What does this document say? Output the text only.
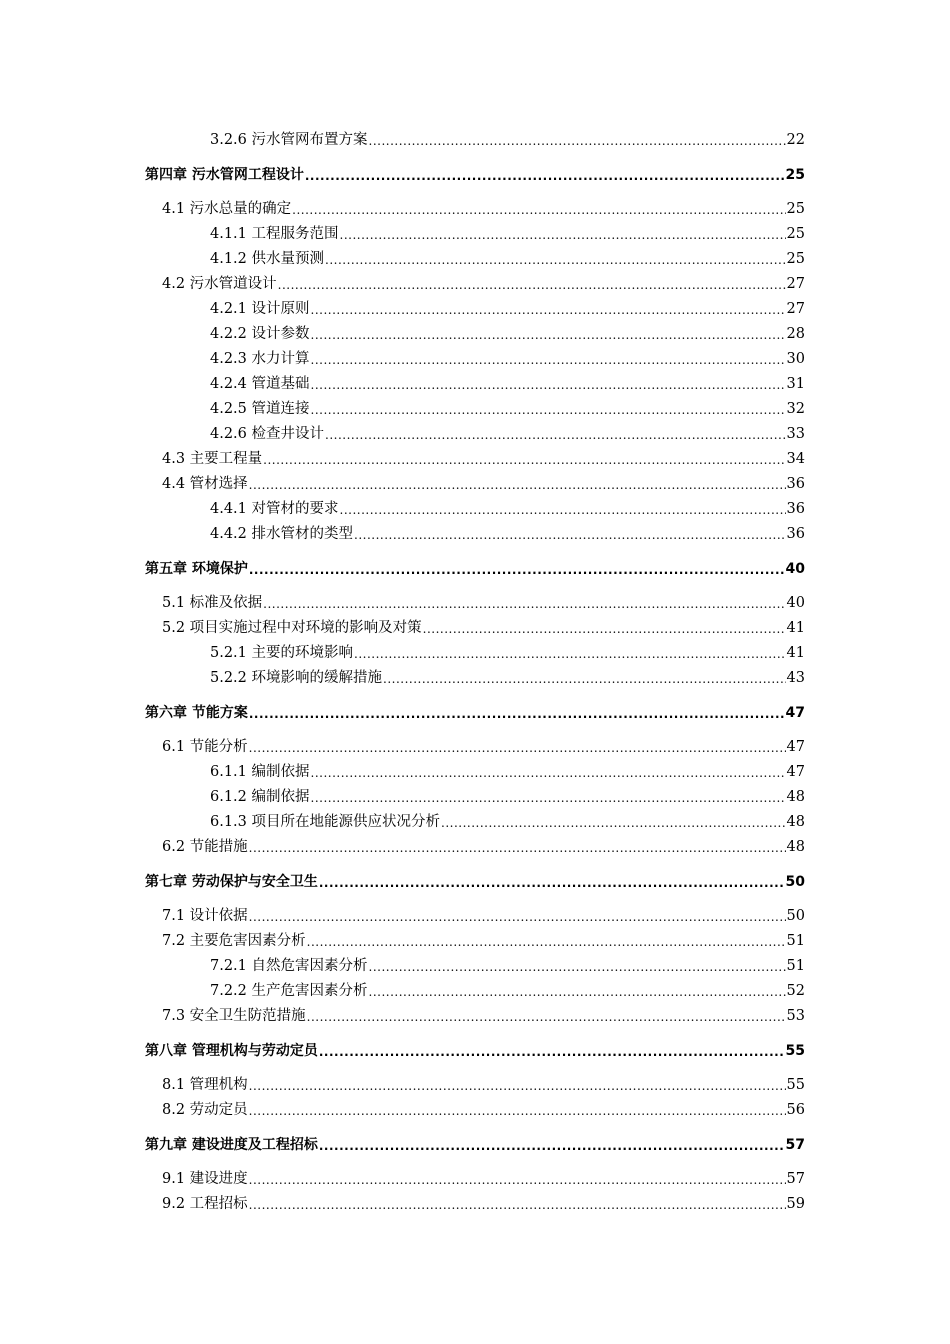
3.2.6 污水管网布置方案 .....	22
第四章 污水管网工程设计 .....	25
4.1 污水总量的确定 .....	25
4.1.1 工程服务范围 .....	25
4.1.2 供水量预测 .....	25
4.2 污水管道设计 .....	27
4.2.1 设计原则 .....	27
4.2.2 设计参数 .....	28
4.2.3 水力计算 .....	30
4.2.4 管道基础 .....	31
4.2.5 管道连接 .....	32
4.2.6 检查井设计 .....	33
4.3 主要工程量 .....	34
4.4 管材选择 .....	36
4.4.1 对管材的要求 .....	36
4.4.2 排水管材的类型 .....	36
第五章 环境保护 .....	40
5.1 标准及依据 .....	40
5.2 项目实施过程中对环境的影响及对策 .....	41
5.2.1 主要的环境影响 .....	41
5.2.2 环境影响的缓解措施 .....	43
第六章 节能方案 .....	47
6.1 节能分析 .....	47
6.1.1 编制依据 .....	47
6.1.2 编制依据 .....	48
6.1.3 项目所在地能源供应状况分析 .....	48
6.2 节能措施 .....	48
第七章 劳动保护与安全卫生 .....	50
7.1 设计依据 .....	50
7.2 主要危害因素分析 .....	51
7.2.1 自然危害因素分析 .....	51
7.2.2 生产危害因素分析 .....	52
7.3 安全卫生防范措施 .....	53
第八章 管理机构与劳动定员 .....	55
8.1 管理机构 .....	55
8.2 劳动定员 .....	56
第九章 建设进度及工程招标 .....	57
9.1 建设进度 .....	57
9.2 工程招标 .....	59
